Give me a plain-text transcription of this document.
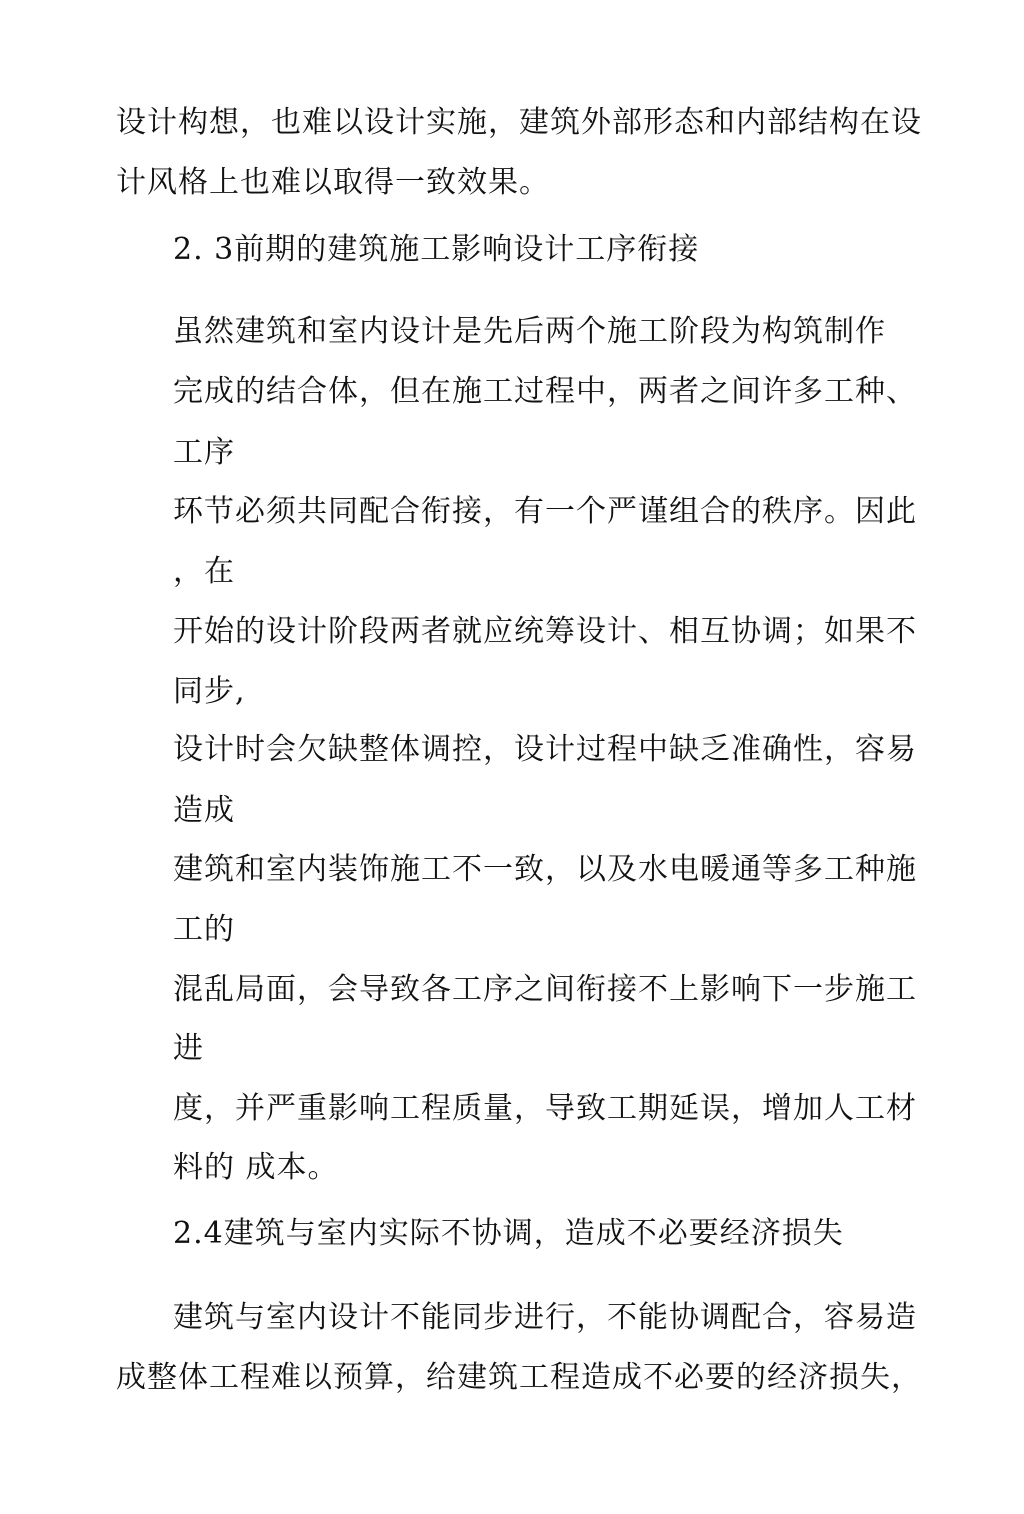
设计构想，也难以设计实施，建筑外部形态和内部结构在设
计风格上也难以取得一致效果。
2. 3前期的建筑施工影响设计工序衔接
虽然建筑和室内设计是先后两个施工阶段为构筑制作
完成的结合体，但在施工过程中，两者之间许多工种、
工序
环节必须共同配合衔接，有一个严谨组合的秩序。因此
，在
开始的设计阶段两者就应统筹设计、相互协调；如果不
同步,
设计时会欠缺整体调控，设计过程中缺乏准确性，容易
造成
建筑和室内装饰施工不一致，以及水电暖通等多工种施
工的
混乱局面，会导致各工序之间衔接不上影响下一步施工
进
度，并严重影响工程质量，导致工期延误，增加人工材
料的 成本。
2.4建筑与室内实际不协调，造成不必要经济损失
建筑与室内设计不能同步进行，不能协调配合，容易造
成整体工程难以预算，给建筑工程造成不必要的经济损失，
